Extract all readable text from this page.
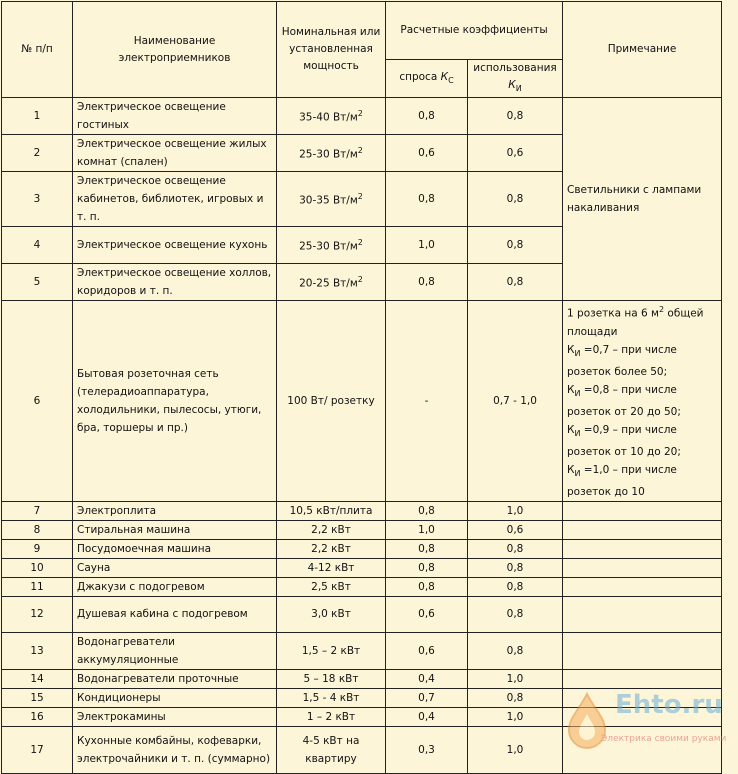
№ п/п	Наименование электроприемников	Номинальная или установленная мощность	Расчетные коэффициенты		Примечание
			спроса $К_С$	использования
$К_И$
1	Электрическое освещение гостиных	35-40 $Вт/м^2$	0,8	0,8	Светильники с лампами накаливания
2	Электрическое освещение жилых комнат (спален)	25-30 $Вт/м^2$	0,6	0,6	
3	Электрическое освещение кабинетов, библиотек, игровых и т. п.	30-35 $Вт/м^2$	0,8	0,8	
4	Электрическое освещение кухонь	25-30 $Вт/м^2$	1,0	0,8	
5	Электрическое освещение холлов, коридоров и т. п.	20-25 $Вт/м^2$	0,8	0,8	
6	Бытовая розеточная сеть (телерадиоаппаратура, холодильники, пылесосы, утюги, бра, торшеры и пр.)	100 Вт/ розетку	-	0,7 - 1,0	1 розетка на 6 $м^2$ общей площади
$К_И =0,7$ – при числе розеток более 50;
$К_И =0,8$ – при числе розеток от 20 до 50;
$К_И =0,9$ – при числе розеток от 10 до 20;
$К_И =1,0$ – при числе розеток до 10
7	Электроплита	10,5 кВт/плита	0,8	1,0	
8	Стиральная машина	2,2 кВт	1,0	0,6	
9	Посудомоечная машина	2,2 кВт	0,8	0,8	
10	Сауна	4-12 кВт	0,8	0,8	
11	Джакузи с подогревом	2,5 кВт	0,8	0,8	
12	Душевая кабина с подогревом	3,0 кВт	0,6	0,8	
13	Водонагреватели аккумуляционные	1,5 – 2 кВт	0,6	0,8	
14	Водонагреватели проточные	5 – 18 кВт	0,4	1,0	
15	Кондиционеры	1,5 - 4 кВт	0,7	0,8	
16	Электрокамины	1 – 2 кВт	0,4	1,0	
17	Кухонные комбайны, кофеварки, электрочайники и т. п. (суммарно)	4-5 кВт на квартиру	0,3	1,0	
Ehto.ru
Электрика своими руками
